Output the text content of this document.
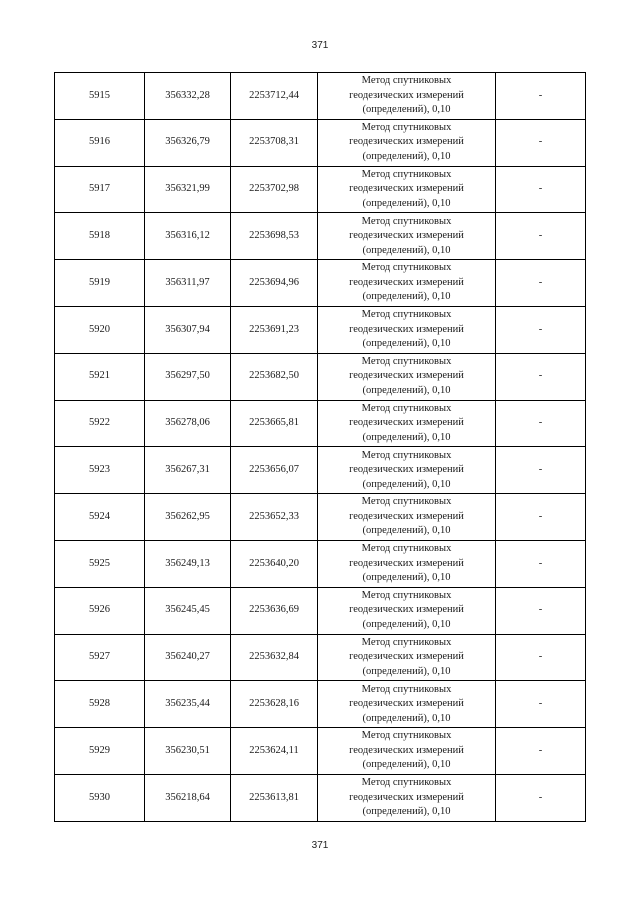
371
5915	356332,28	2253712,44	Метод спутниковых
геодезических измерений
(определений), 0,10	-
5916	356326,79	2253708,31	Метод спутниковых
геодезических измерений
(определений), 0,10	-
5917	356321,99	2253702,98	Метод спутниковых
геодезических измерений
(определений), 0,10	-
5918	356316,12	2253698,53	Метод спутниковых
геодезических измерений
(определений), 0,10	-
5919	356311,97	2253694,96	Метод спутниковых
геодезических измерений
(определений), 0,10	-
5920	356307,94	2253691,23	Метод спутниковых
геодезических измерений
(определений), 0,10	-
5921	356297,50	2253682,50	Метод спутниковых
геодезических измерений
(определений), 0,10	-
5922	356278,06	2253665,81	Метод спутниковых
геодезических измерений
(определений), 0,10	-
5923	356267,31	2253656,07	Метод спутниковых
геодезических измерений
(определений), 0,10	-
5924	356262,95	2253652,33	Метод спутниковых
геодезических измерений
(определений), 0,10	-
5925	356249,13	2253640,20	Метод спутниковых
геодезических измерений
(определений), 0,10	-
5926	356245,45	2253636,69	Метод спутниковых
геодезических измерений
(определений), 0,10	-
5927	356240,27	2253632,84	Метод спутниковых
геодезических измерений
(определений), 0,10	-
5928	356235,44	2253628,16	Метод спутниковых
геодезических измерений
(определений), 0,10	-
5929	356230,51	2253624,11	Метод спутниковых
геодезических измерений
(определений), 0,10	-
5930	356218,64	2253613,81	Метод спутниковых
геодезических измерений
(определений), 0,10	-
371
